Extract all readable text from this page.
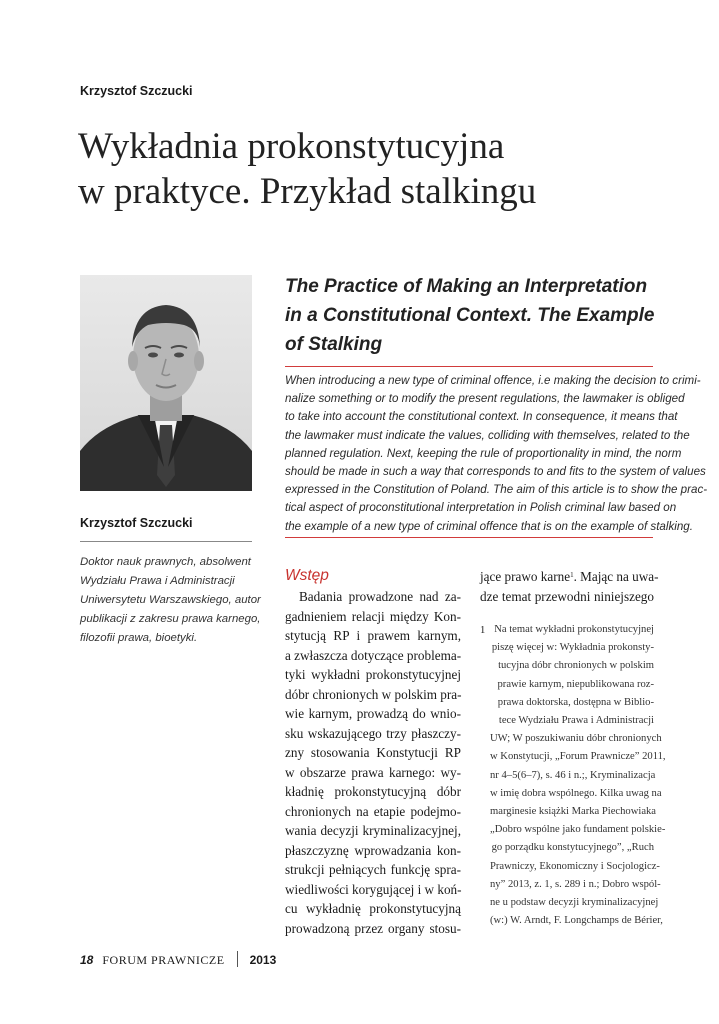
Krzysztof Szczucki
Wykładnia prokonstytucyjna
w praktyce. Przykład stalkingu
The Practice of Making an Interpretation
in a Constitutional Context. The Example
of Stalking
When introducing a new type of criminal offence, i.e making the decision to crimi-
nalize something or to modify the present regulations, the lawmaker is obliged
to take into account the constitutional context. In consequence, it means that
the lawmaker must indicate the values, colliding with themselves, related to the
planned regulation. Next, keeping the rule of proportionality in mind, the norm
should be made in such a way that corresponds to and fits to the system of values
expressed in the Constitution of Poland. The aim of this article is to show the prac-
tical aspect of proconstitutional interpretation in Polish criminal law based on
the example of a new type of criminal offence that is on the example of stalking.
Krzysztof Szczucki
Doktor nauk prawnych, absolwent
Wydziału Prawa i Administracji
Uniwersytetu Warszawskiego, autor
publikacji z zakresu prawa karnego,
filozofii prawa, bioetyki.
Wstęp
Badania prowadzone nad za-
gadnieniem relacji między Kon-
stytucją RP i prawem karnym,
a zwłaszcza dotyczące problema-
tyki wykładni prokonstytucyjnej
dóbr chronionych w polskim pra-
wie karnym, prowadzą do wnio-
sku wskazującego trzy płaszczy-
zny stosowania Konstytucji RP
w obszarze prawa karnego: wy-
kładnię prokonstytucyjną dóbr
chronionych na etapie podejmo-
wania decyzji kryminalizacyjnej,
płaszczyznę wprowadzania kon-
strukcji pełniących funkcję spra-
wiedliwości korygującej i w koń-
cu wykładnię prokonstytucyjną
prowadzoną przez organy stosu-
jące prawo karne$^1$. Mając na uwa-
dze temat przewodni niniejszego
1 Na temat wykładni prokonstytucyjnej
piszę więcej w: Wykładnia prokonsty-
tucyjna dóbr chronionych w polskim
prawie karnym, niepublikowana roz-
prawa doktorska, dostępna w Biblio-
tece Wydziału Prawa i Administracji
UW; W poszukiwaniu dóbr chronionych
w Konstytucji, „Forum Prawnicze” 2011,
nr 4–5(6–7), s. 46 i n.;, Kryminalizacja
w imię dobra wspólnego. Kilka uwag na
marginesie książki Marka Piechowiaka
„Dobro wspólne jako fundament polskie-
go porządku konstytucyjnego”, „Ruch
Prawniczy, Ekonomiczny i Socjologicz-
ny” 2013, z. 1, s. 289 i n.; Dobro wspól-
ne u podstaw decyzji kryminalizacyjnej
(w:) W. Arndt, F. Longchamps de Bérier,
18 FORUM PRAWNICZE 2013
